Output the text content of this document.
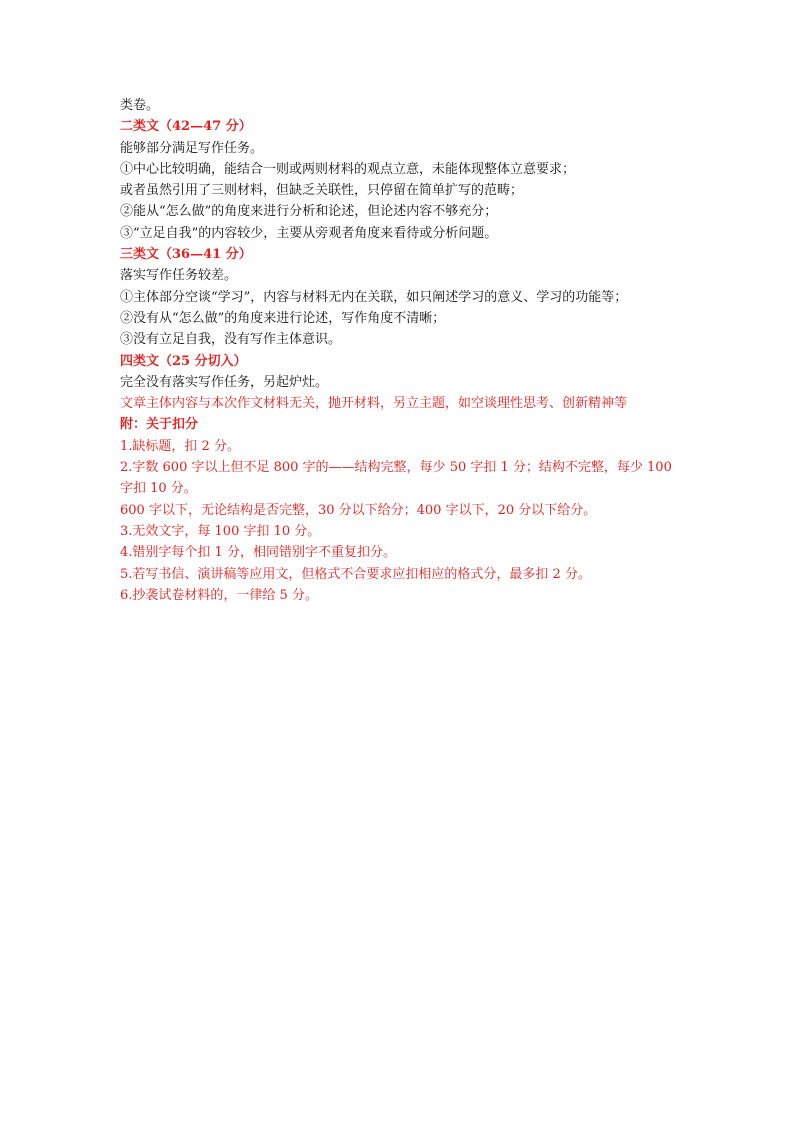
类卷。
二类文（42—47 分）
能够部分满足写作任务。
①中心比较明确，能结合一则或两则材料的观点立意，未能体现整体立意要求；
或者虽然引用了三则材料，但缺乏关联性，只停留在简单扩写的范畴；
②能从“怎么做”的角度来进行分析和论述，但论述内容不够充分；
③“立足自我”的内容较少，主要从旁观者角度来看待或分析问题。
三类文（36—41 分）
落实写作任务较差。
①主体部分空谈“学习”，内容与材料无内在关联，如只阐述学习的意义、学习的功能等；
②没有从“怎么做”的角度来进行论述，写作角度不清晰；
③没有立足自我，没有写作主体意识。
四类文（25 分切入）
完全没有落实写作任务，另起炉灶。
文章主体内容与本次作文材料无关，抛开材料，另立主题，如空谈理性思考、创新精神等
附：关于扣分
1.缺标题，扣 2 分。
2.字数 600 字以上但不足 800 字的——结构完整，每少 50 字扣 1 分；结构不完整，每少 100
字扣 10 分。
600 字以下，无论结构是否完整，30 分以下给分；400 字以下，20 分以下给分。
3.无效文字，每 100 字扣 10 分。
4.错别字每个扣 1 分，相同错别字不重复扣分。
5.若写书信、演讲稿等应用文，但格式不合要求应扣相应的格式分，最多扣 2 分。
6.抄袭试卷材料的，一律给 5 分。
